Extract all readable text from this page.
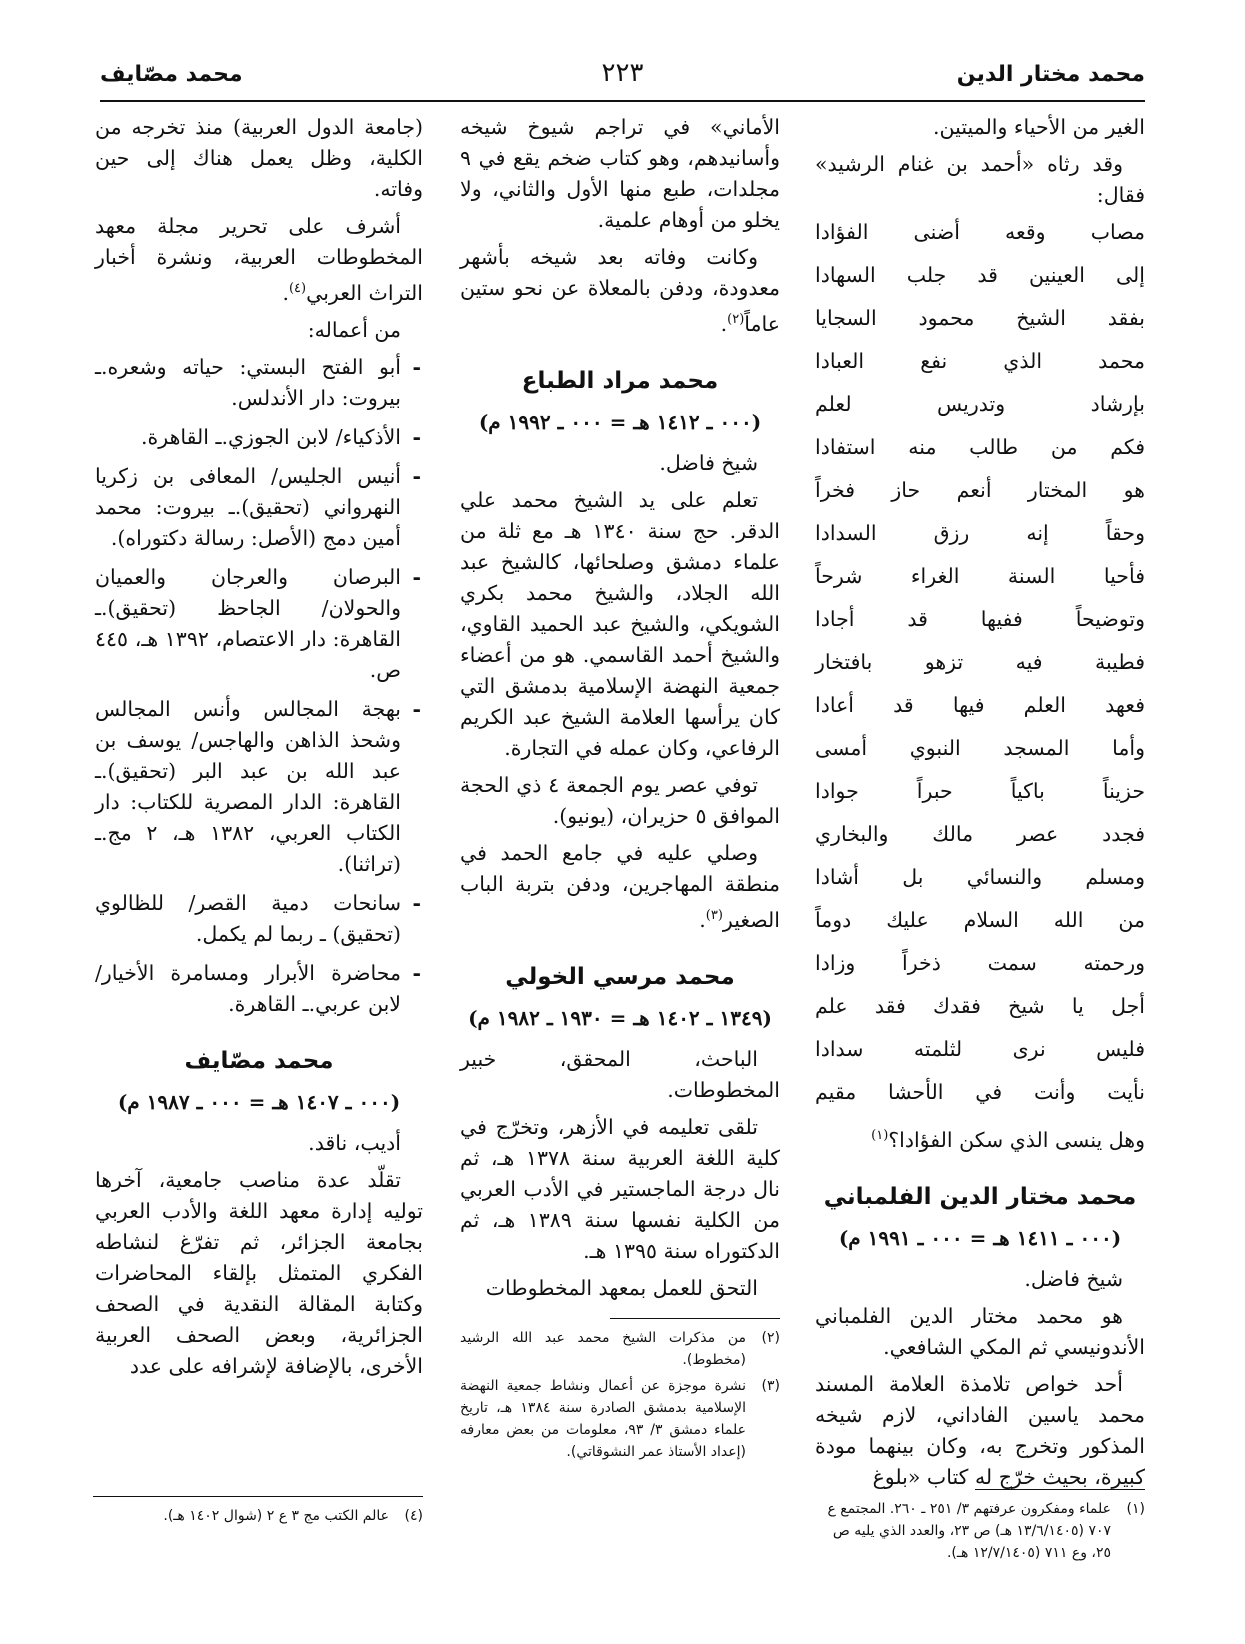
محمد مختار الدين
٢٢٣
محمد مصّايف
الغير من الأحياء والميتين.
وقد رثاه «أحمد بن غنام الرشيد» فقال:
مصاب وقعه أضنى الفؤادا
إلى العينين قد جلب السهادا
بفقد الشيخ محمود السجايا
محمد الذي نفع العبادا
بإرشاد وتدريس لعلم
فكم من طالب منه استفادا
هو المختار أنعم حاز فخراً
وحقاً إنه رزق السدادا
فأحيا السنة الغراء شرحاً
وتوضيحاً ففيها قد أجادا
فطيبة فيه تزهو بافتخار
فعهد العلم فيها قد أعادا
وأما المسجد النبوي أمسى
حزيناً باكياً حبراً جوادا
فجدد عصر مالك والبخاري
ومسلم والنسائي بل أشادا
من الله السلام عليك دوماً
ورحمته سمت ذخراً وزادا
أجل يا شيخ فقدك فقد علم
فليس نرى لثلمته سدادا
نأيت وأنت في الأحشا مقيم
وهل ينسى الذي سكن الفؤادا؟$^{(١)}$
محمد مختار الدين الفلمباني
(٠٠٠ ـ ١٤١١ هـ = ٠٠٠ ـ ١٩٩١ م)
شيخ فاضل.
هو محمد مختار الدين الفلمباني الأندونيسي ثم المكي الشافعي.
أحد خواص تلامذة العلامة المسند محمد ياسين الفاداني، لازم شيخه المذكور وتخرج به، وكان بينهما مودة كبيرة، بحيث خرّج له كتاب «بلوغ
(١)
علماء ومفكرون عرفتهم ٣/ ٢٥١ ـ ٢٦٠. المجتمع ع ٧٠٧ (١٣/٦/١٤٠٥ هـ) ص ٢٣، والعدد الذي يليه ص ٢٥، وع ٧١١ (١٢/٧/١٤٠٥ هـ).
الأماني» في تراجم شيوخ شيخه وأسانيدهم، وهو كتاب ضخم يقع في ٩ مجلدات، طبع منها الأول والثاني، ولا يخلو من أوهام علمية.
وكانت وفاته بعد شيخه بأشهر معدودة، ودفن بالمعلاة عن نحو ستين عاماً$^{(٢)}$.
محمد مراد الطباع
(٠٠٠ ـ ١٤١٢ هـ = ٠٠٠ ـ ١٩٩٢ م)
شيخ فاضل.
تعلم على يد الشيخ محمد علي الدقر. حج سنة ١٣٤٠ هـ مع ثلة من علماء دمشق وصلحائها، كالشيخ عبد الله الجلاد، والشيخ محمد بكري الشويكي، والشيخ عبد الحميد القاوي، والشيخ أحمد القاسمي. هو من أعضاء جمعية النهضة الإسلامية بدمشق التي كان يرأسها العلامة الشيخ عبد الكريم الرفاعي، وكان عمله في التجارة.
توفي عصر يوم الجمعة ٤ ذي الحجة الموافق ٥ حزيران، (يونيو).
وصلي عليه في جامع الحمد في منطقة المهاجرين، ودفن بتربة الباب الصغير$^{(٣)}$.
محمد مرسي الخولي
(١٣٤٩ ـ ١٤٠٢ هـ = ١٩٣٠ ـ ١٩٨٢ م)
الباحث، المحقق، خبير المخطوطات.
تلقى تعليمه في الأزهر، وتخرّج في كلية اللغة العربية سنة ١٣٧٨ هـ، ثم نال درجة الماجستير في الأدب العربي من الكلية نفسها سنة ١٣٨٩ هـ، ثم الدكتوراه سنة ١٣٩٥ هـ.
التحق للعمل بمعهد المخطوطات
(٢)
من مذكرات الشيخ محمد عبد الله الرشيد (مخطوط).
(٣)
نشرة موجزة عن أعمال ونشاط جمعية النهضة الإسلامية بدمشق الصادرة سنة ١٣٨٤ هـ، تاريخ علماء دمشق ٣/ ٩٣، معلومات من بعض معارفه (إعداد الأستاذ عمر النشوقاتي).
(جامعة الدول العربية) منذ تخرجه من الكلية، وظل يعمل هناك إلى حين وفاته.
أشرف على تحرير مجلة معهد المخطوطات العربية، ونشرة أخبار التراث العربي$^{(٤)}$.
من أعماله:
- أبو الفتح البستي: حياته وشعره.ـ بيروت: دار الأندلس.
- الأذكياء/ لابن الجوزي.ـ القاهرة.
- أنيس الجليس/ المعافى بن زكريا النهرواني (تحقيق).ـ بيروت: محمد أمين دمج (الأصل: رسالة دكتوراه).
- البرصان والعرجان والعميان والحولان/ الجاحظ (تحقيق).ـ القاهرة: دار الاعتصام، ١٣٩٢ هـ، ٤٤٥ ص.
- بهجة المجالس وأنس المجالس وشحذ الذاهن والهاجس/ يوسف بن عبد الله بن عبد البر (تحقيق).ـ القاهرة: الدار المصرية للكتاب: دار الكتاب العربي، ١٣٨٢ هـ، ٢ مج.ـ (تراثنا).
- سانحات دمية القصر/ للظالوي (تحقيق) ـ ربما لم يكمل.
- محاضرة الأبرار ومسامرة الأخيار/ لابن عربي.ـ القاهرة.
محمد مصّايف
(٠٠٠ ـ ١٤٠٧ هـ = ٠٠٠ ـ ١٩٨٧ م)
أديب، ناقد.
تقلّد عدة مناصب جامعية، آخرها توليه إدارة معهد اللغة والأدب العربي بجامعة الجزائر، ثم تفرّغ لنشاطه الفكري المتمثل بإلقاء المحاضرات وكتابة المقالة النقدية في الصحف الجزائرية، وبعض الصحف العربية الأخرى، بالإضافة لإشرافه على عدد
(٤)
عالم الكتب مج ٣ ع ٢ (شوال ١٤٠٢ هـ).
